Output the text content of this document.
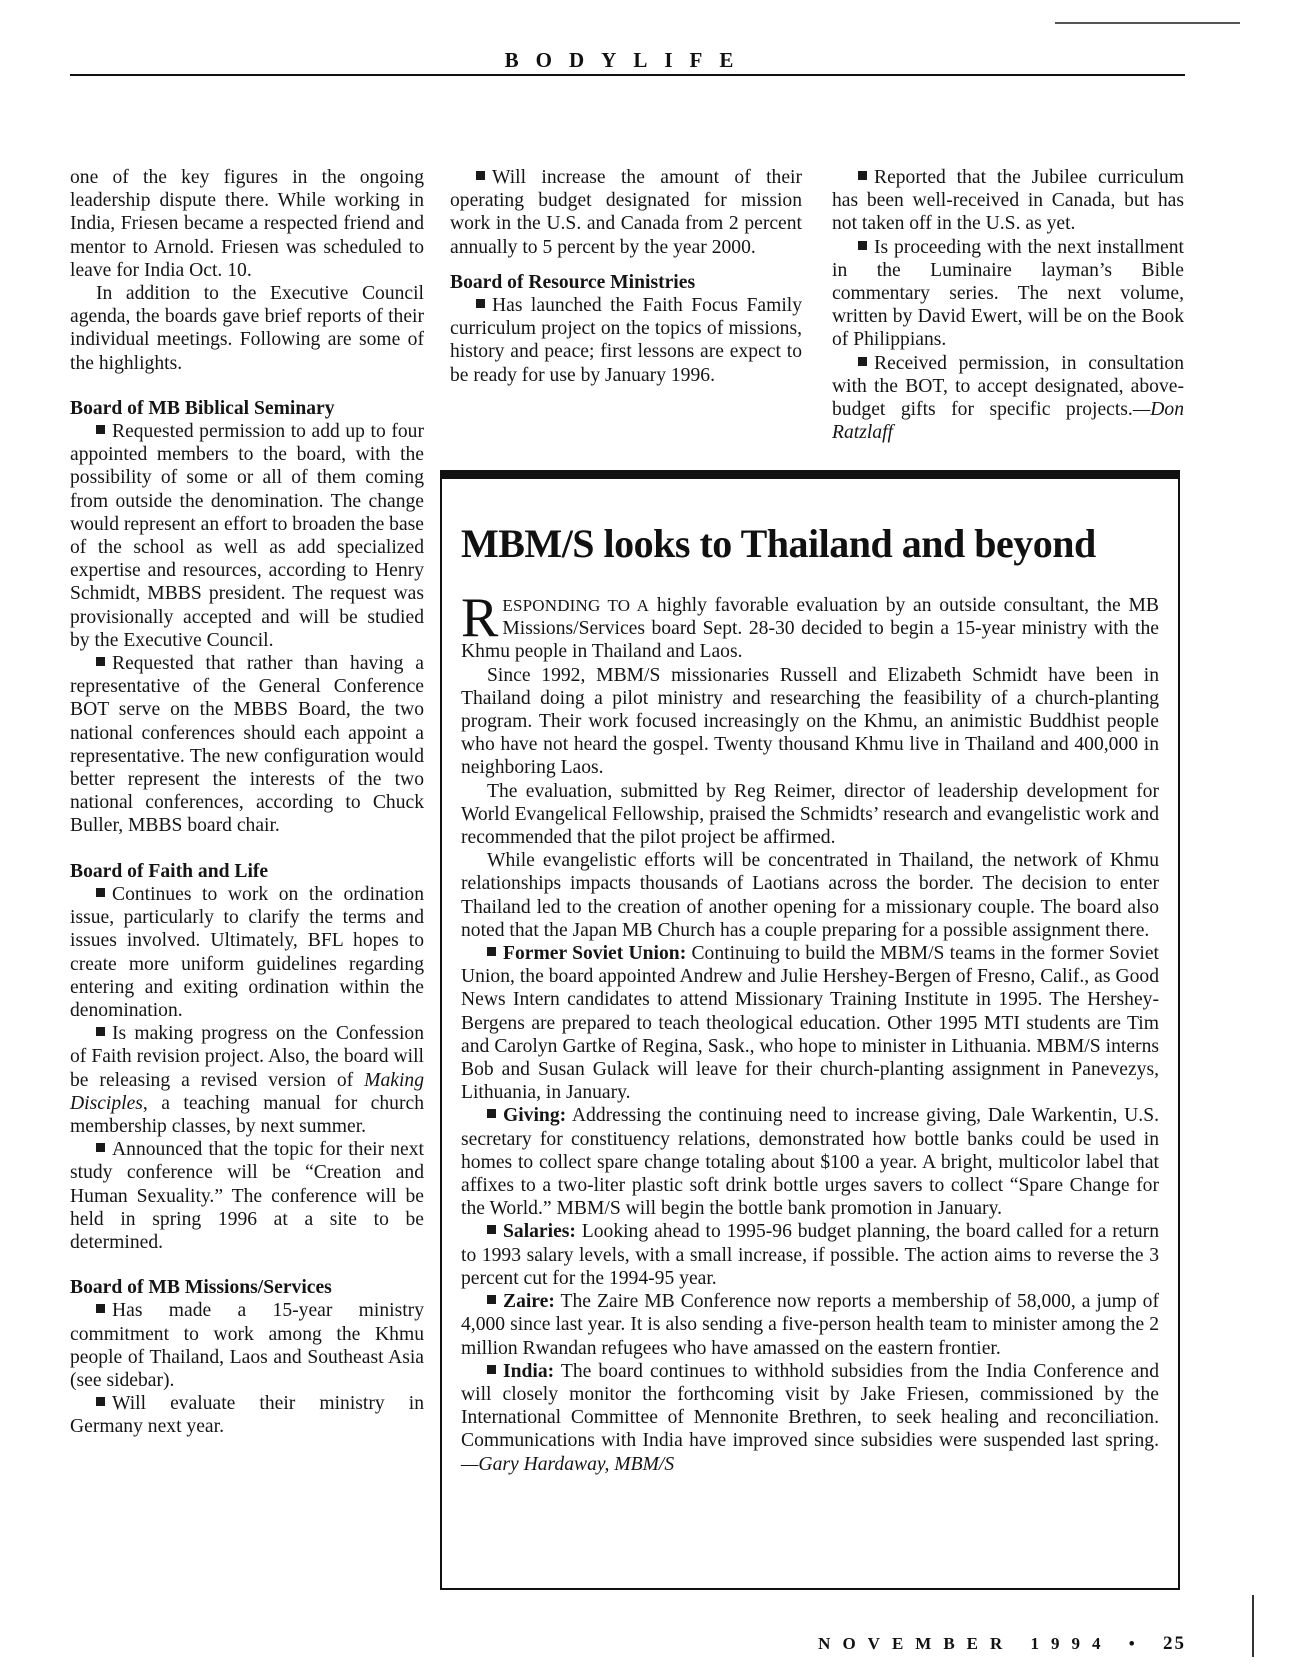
BODYLIFE

one of the key figures in the ongoing leadership dispute there. While working in India, Friesen became a respected friend and mentor to Arnold. Friesen was scheduled to leave for India Oct. 10.

In addition to the Executive Council agenda, the boards gave brief reports of their individual meetings. Following are some of the highlights.

Board of MB Biblical Seminary

Requested permission to add up to four appointed members to the board, with the possibility of some or all of them coming from outside the denomination. The change would represent an effort to broaden the base of the school as well as add specialized expertise and resources, according to Henry Schmidt, MBBS president. The request was provisionally accepted and will be studied by the Executive Council.

Requested that rather than having a representative of the General Conference BOT serve on the MBBS Board, the two national conferences should each appoint a representative. The new configuration would better represent the interests of the two national conferences, according to Chuck Buller, MBBS board chair.

Board of Faith and Life

Continues to work on the ordination issue, particularly to clarify the terms and issues involved. Ultimately, BFL hopes to create more uniform guidelines regarding entering and exiting ordination within the denomination.

Is making progress on the Confession of Faith revision project. Also, the board will be releasing a revised version of Making Disciples, a teaching manual for church membership classes, by next summer.

Announced that the topic for their next study conference will be “Creation and Human Sexuality.” The conference will be held in spring 1996 at a site to be determined.

Board of MB Missions/Services

Has made a 15-year ministry commitment to work among the Khmu people of Thailand, Laos and Southeast Asia (see sidebar).

Will evaluate their ministry in Germany next year.

Will increase the amount of their operating budget designated for mission work in the U.S. and Canada from 2 percent annually to 5 percent by the year 2000.

Board of Resource Ministries

Has launched the Faith Focus Family curriculum project on the topics of missions, history and peace; first lessons are expect to be ready for use by January 1996.

Reported that the Jubilee curriculum has been well-received in Canada, but has not taken off in the U.S. as yet.

Is proceeding with the next installment in the Luminaire layman’s Bible commentary series. The next volume, written by David Ewert, will be on the Book of Philippians.

Received permission, in consultation with the BOT, to accept designated, above-budget gifts for specific projects.—Don Ratzlaff

MBM/S looks to Thailand and beyond

RESPONDING TO A highly favorable evaluation by an outside consultant, the MB Missions/Services board Sept. 28-30 decided to begin a 15-year ministry with the Khmu people in Thailand and Laos.

Since 1992, MBM/S missionaries Russell and Elizabeth Schmidt have been in Thailand doing a pilot ministry and researching the feasibility of a church-planting program. Their work focused increasingly on the Khmu, an animistic Buddhist people who have not heard the gospel. Twenty thousand Khmu live in Thailand and 400,000 in neighboring Laos.

The evaluation, submitted by Reg Reimer, director of leadership development for World Evangelical Fellowship, praised the Schmidts’ research and evangelistic work and recommended that the pilot project be affirmed.

While evangelistic efforts will be concentrated in Thailand, the network of Khmu relationships impacts thousands of Laotians across the border. The decision to enter Thailand led to the creation of another opening for a missionary couple. The board also noted that the Japan MB Church has a couple preparing for a possible assignment there.

Former Soviet Union: Continuing to build the MBM/S teams in the former Soviet Union, the board appointed Andrew and Julie Hershey-Bergen of Fresno, Calif., as Good News Intern candidates to attend Missionary Training Institute in 1995. The Hershey-Bergens are prepared to teach theological education. Other 1995 MTI students are Tim and Carolyn Gartke of Regina, Sask., who hope to minister in Lithuania. MBM/S interns Bob and Susan Gulack will leave for their church-planting assignment in Panevezys, Lithuania, in January.

Giving: Addressing the continuing need to increase giving, Dale Warkentin, U.S. secretary for constituency relations, demonstrated how bottle banks could be used in homes to collect spare change totaling about $100 a year. A bright, multicolor label that affixes to a two-liter plastic soft drink bottle urges savers to collect “Spare Change for the World.” MBM/S will begin the bottle bank promotion in January.

Salaries: Looking ahead to 1995-96 budget planning, the board called for a return to 1993 salary levels, with a small increase, if possible. The action aims to reverse the 3 percent cut for the 1994-95 year.

Zaire: The Zaire MB Conference now reports a membership of 58,000, a jump of 4,000 since last year. It is also sending a five-person health team to minister among the 2 million Rwandan refugees who have amassed on the eastern frontier.

India: The board continues to withhold subsidies from the India Conference and will closely monitor the forthcoming visit by Jake Friesen, commissioned by the International Committee of Mennonite Brethren, to seek healing and reconciliation. Communications with India have improved since subsidies were suspended last spring.—Gary Hardaway, MBM/S

NOVEMBER 1994 • 25
